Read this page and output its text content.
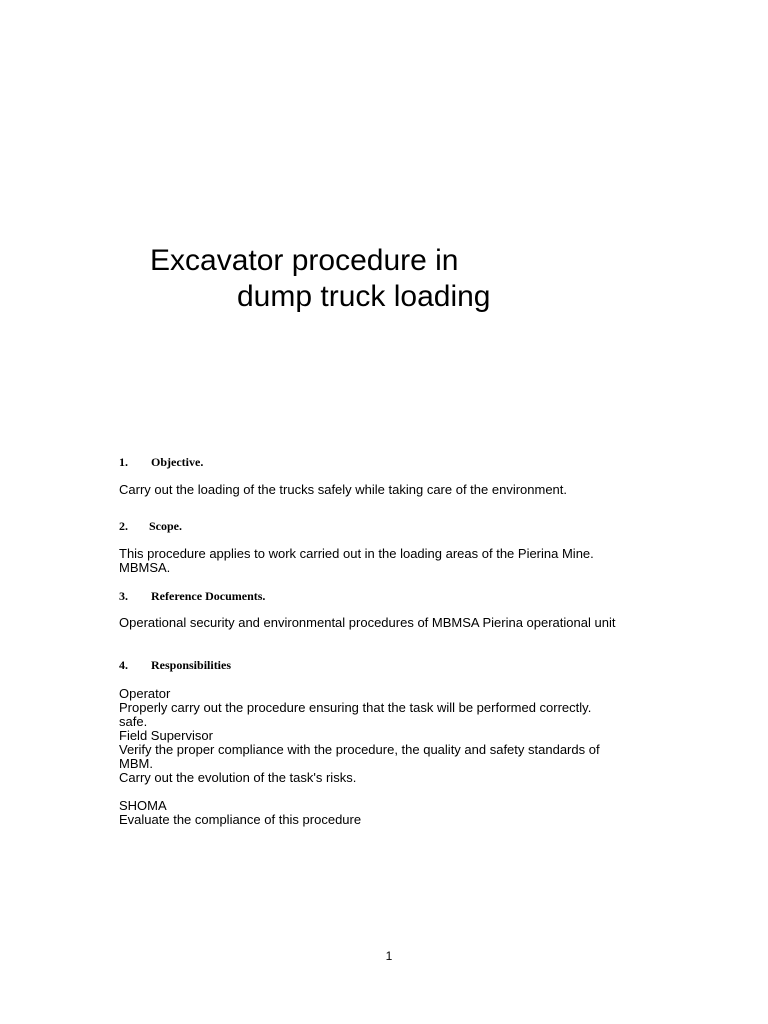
Excavator procedure in
dump truck loading
1. Objective.
Carry out the loading of the trucks safely while taking care of the environment.
2. Scope.
This procedure applies to work carried out in the loading areas of the Pierina Mine.
MBMSA.
3. Reference Documents.
Operational security and environmental procedures of MBMSA Pierina operational unit
4. Responsibilities
Operator
Properly carry out the procedure ensuring that the task will be performed correctly.
safe.
Field Supervisor
Verify the proper compliance with the procedure, the quality and safety standards of
MBM.
Carry out the evolution of the task's risks.
SHOMA
Evaluate the compliance of this procedure
1
